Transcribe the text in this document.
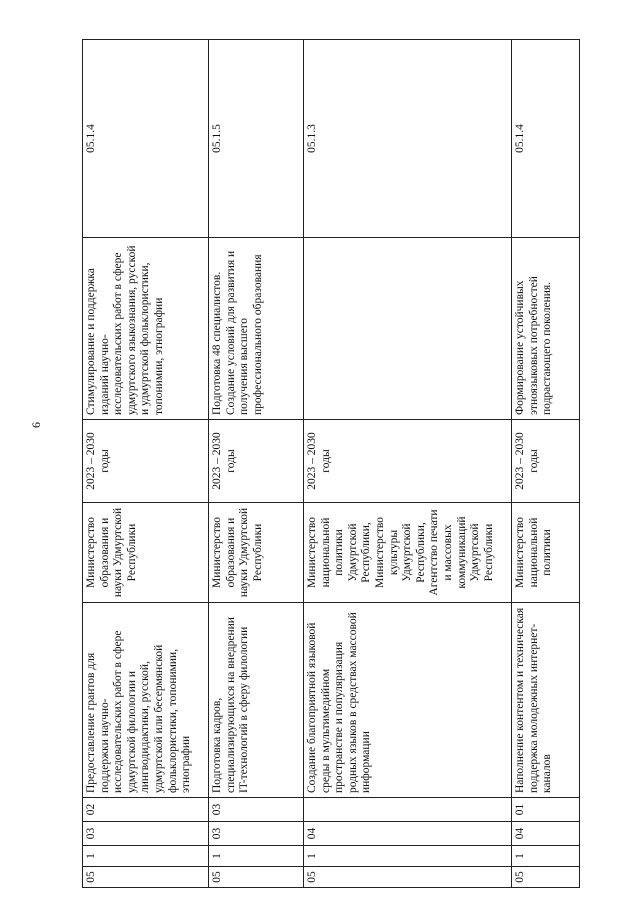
6
05	1	03	02	Предоставление грантов для поддержки научно-исследовательских работ в сфере удмуртской филологии и лингводидактики, русской, удмуртской или бесермянской фольклористики, топонимии, этнографии	Министерство образования и науки Удмуртской Республики	2023 – 2030 годы	Стимулирование и поддержка изданий научно-исследовательских работ в сфере удмуртского языкознания, русской и удмуртской фольклористики, топонимии, этнографии	05.1.4
05	1	03	03	Подготовка кадров, специализирующихся на внедрении IT-технологий в сферу филологии	Министерство образования и науки Удмуртской Республики	2023 – 2030 годы	Подготовка 48 специалистов. Создание условий для развития и получения высшего профессионального образования	05.1.5
05	1	04		Создание благоприятной языковой среды в мультимедийном пространстве и популяризация родных языков в средствах массовой информации	Министерство национальной политики Удмуртской Республики, Министерство культуры Удмуртской Республики, Агентство печати и массовых коммуникаций Удмуртской Республики	2023 – 2030 годы		05.1.3
05	1	04	01	Наполнение контентом и техническая поддержка молодежных интернет-каналов	Министерство национальной политики	2023 – 2030 годы	Формирование устойчивых этноязыковых потребностей подрастающего поколения.	05.1.4
